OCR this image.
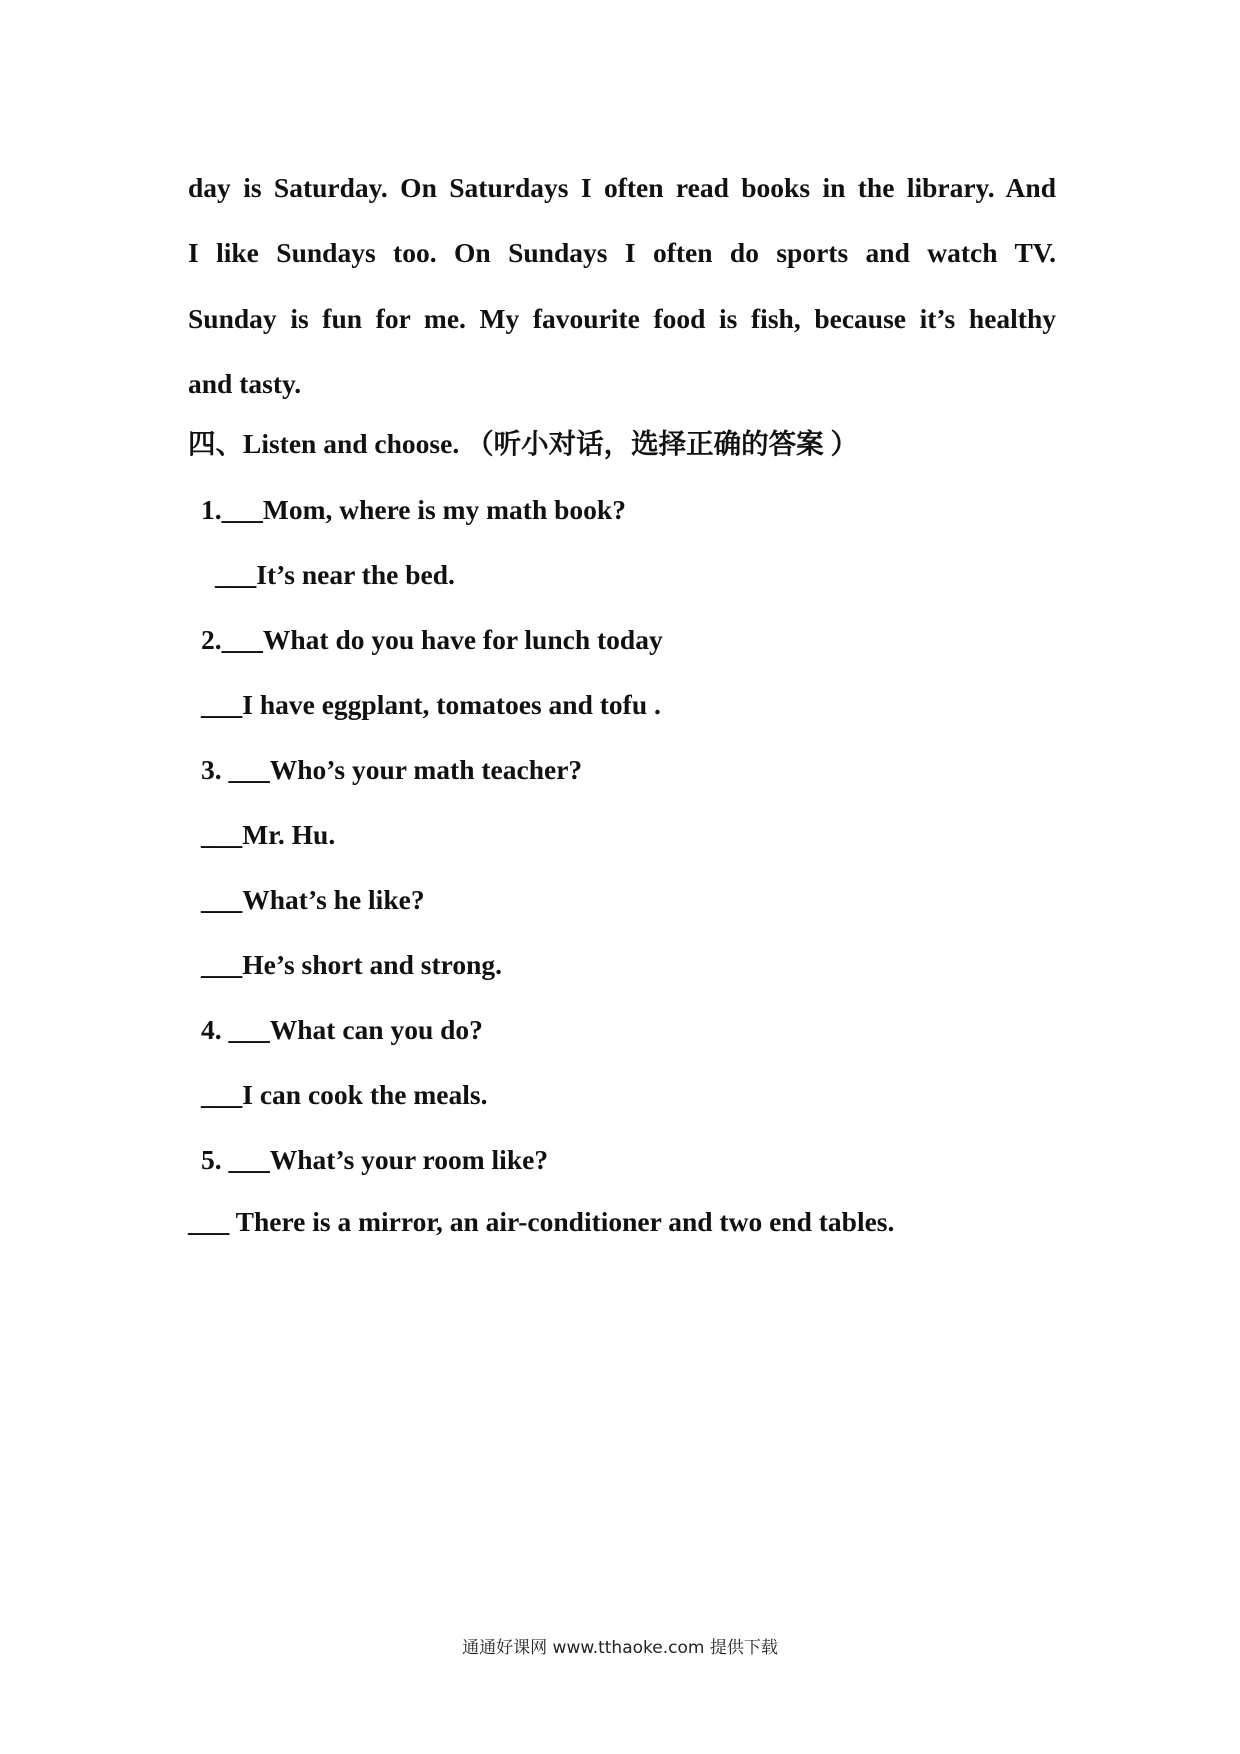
day is Saturday. On Saturdays I often read books in the library. And
I like Sundays too. On Sundays I often do sports and watch TV.
Sunday is fun for me. My favourite food is fish, because it’s healthy
and tasty.
四、Listen and choose. （听小对话，选择正确的答案 ）
1.___Mom, where is my math book?
___It’s near the bed.
2.___What do you have for lunch today
___I have eggplant, tomatoes and tofu .
3. ___Who’s your math teacher?
___Mr. Hu.
___What’s he like?
___He’s short and strong.
4. ___What can you do?
___I can cook the meals.
5. ___What’s your room like?
___ There is a mirror, an air-conditioner and two end tables.
通通好课网 www.tthaoke.com 提供下载
